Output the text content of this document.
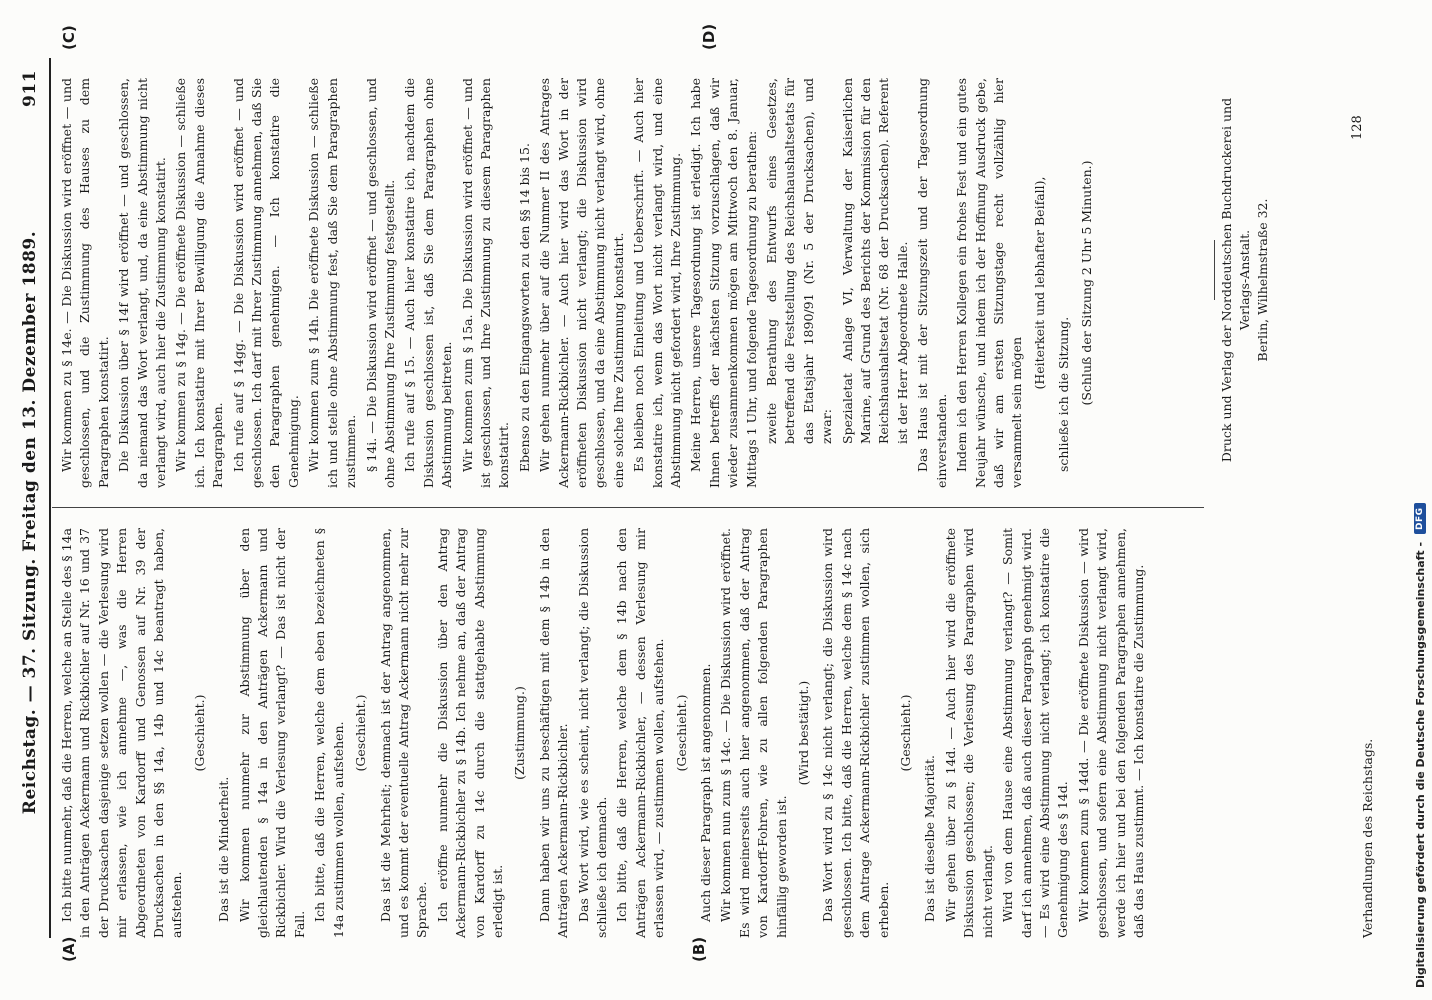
Reichstag. — 37. Sitzung. Freitag den 13. Dezember 1889.
911
(A)	(B)
(C)	(D)

Ich bitte nunmehr, daß die Herren, welche an Stelle des § 14a in den Anträgen Ackermann und Rickbichler auf Nr. 16 und 37 der Drucksachen dasjenige setzen wollen — die Verlesung wird mir erlassen, wie ich annehme —, was die Herren Abgeordneten von Kardorff und Genossen auf Nr. 39 der Drucksachen in den §§ 14a, 14b und 14c beantragt haben, aufstehen.

(Geschieht.)

Das ist die Minderheit. Wir kommen nunmehr zur Abstimmung über den gleichlautenden § 14a in den Anträgen Ackermann und Rickbichler. Wird die Verlesung verlangt? — Das ist nicht der Fall.

Ich bitte, daß die Herren, welche dem eben bezeichneten § 14a zustimmen wollen, aufstehen. (Geschieht.) Das ist die Mehrheit; demnach ist der Antrag angenommen, und es kommt der eventuelle Antrag Ackermann nicht mehr zur Sprache. Ich eröffne nunmehr die Diskussion über den Antrag Ackermann-Rickbichler zu § 14b. Ich nehme an, daß der Antrag von Kardorff zu 14c durch die stattgehabte Abstimmung erledigt ist.

(Zustimmung.) Dann haben wir uns zu beschäftigen mit dem § 14b in den Anträgen Ackermann-Rickbichler. Das Wort wird, wie es scheint, nicht verlangt; die Diskussion schließe ich demnach. Ich bitte, daß die Herren, welche dem § 14b nach den Anträgen Ackermann-Rickbichler, — dessen Verlesung mir erlassen wird, — zustimmen wollen, aufstehen. (Geschieht.) Auch dieser Paragraph ist angenommen. Wir kommen nun zum § 14c. — Die Diskussion wird eröffnet. Es wird meinerseits auch hier angenommen, daß der Antrag von Kardorff-Fohren, wie zu allen folgenden Paragraphen hinfällig geworden ist.

(Wird bestätigt.) Das Wort wird zu § 14c nicht verlangt; die Diskussion wird geschlossen. Ich bitte, daß die Herren, welche dem § 14c nach dem Antrage Ackermann-Rickbichler zustimmen wollen, sich erheben.

(Geschieht.)

Das ist dieselbe Majorität. Wir gehen über zu § 14d. — Auch hier wird die eröffnete Diskussion geschlossen; die Verlesung des Paragraphen wird nicht verlangt. Wird von dem Hause eine Abstimmung verlangt? — Somit darf ich annehmen, daß auch dieser Paragraph genehmigt wird. — Es wird eine Abstimmung nicht verlangt; ich konstatire die Genehmigung des § 14d. Wir kommen zum § 14dd. — Die eröffnete Diskussion — wird geschlossen, und sofern eine Abstimmung nicht verlangt wird, werde ich hier und bei den folgenden Paragraphen annehmen, daß das Haus zustimmt. — Ich konstatire die Zustimmung.

Wir kommen zu § 14e. — Die Diskussion wird eröffnet — und geschlossen, und die Zustimmung des Hauses zu dem Paragraphen konstatirt. Die Diskussion über § 14f wird eröffnet — und geschlossen, da niemand das Wort verlangt, und, da eine Abstimmung nicht verlangt wird, auch hier die Zustimmung konstatirt. Wir kommen zu § 14g. — Die eröffnete Diskussion — schließe ich. Ich konstatire mit Ihrer Bewilligung die Annahme dieses Paragraphen. Ich rufe auf § 14gg. — Die Diskussion wird eröffnet — und geschlossen. Ich darf mit Ihrer Zustimmung annehmen, daß Sie den Paragraphen genehmigen. — Ich konstatire die Genehmigung. Wir kommen zum § 14h. Die eröffnete Diskussion — schließe ich und stelle ohne Abstimmung fest, daß Sie dem Paragraphen zustimmen. § 14i. — Die Diskussion wird eröffnet — und geschlossen, und ohne Abstimmung Ihre Zustimmung festgestellt. Ich rufe auf § 15. — Auch hier konstatire ich, nachdem die Diskussion geschlossen ist, daß Sie dem Paragraphen ohne Abstimmung beitreten. Wir kommen zum § 15a. Die Diskussion wird eröffnet — und ist geschlossen, und Ihre Zustimmung zu diesem Paragraphen konstatirt. Ebenso zu den Eingangsworten zu den §§ 14 bis 15. Wir gehen nunmehr über auf die Nummer II des Antrages Ackermann-Rickbichler. — Auch hier wird das Wort in der eröffneten Diskussion nicht verlangt; die Diskussion wird geschlossen, und da eine Abstimmung nicht verlangt wird, ohne eine solche Ihre Zustimmung konstatirt. Es bleiben noch Einleitung und Ueberschrift. — Auch hier konstatire ich, wenn das Wort nicht verlangt wird, und eine Abstimmung nicht gefordert wird, Ihre Zustimmung. Meine Herren, unsere Tagesordnung ist erledigt. Ich habe Ihnen betreffs der nächsten Sitzung vorzuschlagen, daß wir wieder zusammenkommen mögen am Mittwoch den 8. Januar, Mittags 1 Uhr, und folgende Tagesordnung zu berathen: zweite Berathung des Entwurfs eines Gesetzes, betreffend die Feststellung des Reichshaushaltsetats für das Etatsjahr 1890/91 (Nr. 5 der Drucksachen), und zwar: Spezialetat Anlage VI, Verwaltung der Kaiserlichen Marine, auf Grund des Berichts der Kommission für den Reichshaushaltsetat (Nr. 68 der Drucksachen). Referent ist der Herr Abgeordnete Halle. Das Haus ist mit der Sitzungszeit und der Tagesordnung einverstanden. Indem ich den Herren Kollegen ein frohes Fest und ein gutes Neujahr wünsche, und indem ich der Hoffnung Ausdruck gebe, daß wir am ersten Sitzungstage recht vollzählig hier versammelt sein mögen

(Heiterkeit und lebhafter Beifall),

schließe ich die Sitzung. (Schluß der Sitzung 2 Uhr 5 Minuten.)	Druck und Verlag der Norddeutschen Buchdruckerei und Verlags-Anstalt. Berlin, Wilhelmstraße 32.
Verhandlungen des Reichstags.
128
Digitalisierung gefördert durch die Deutsche Forschungsgemeinschaft -
DFG
